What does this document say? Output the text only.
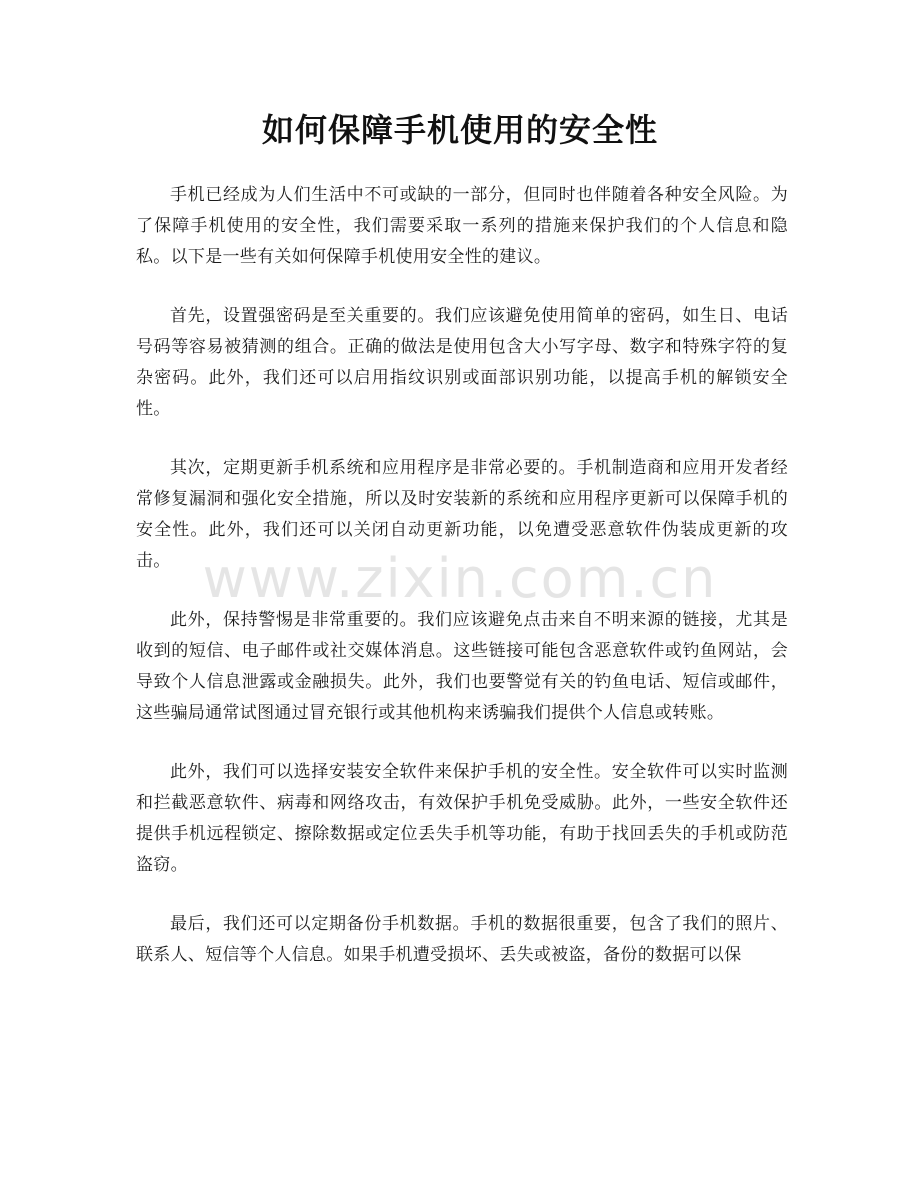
如何保障手机使用的安全性

手机已经成为人们生活中不可或缺的一部分，但同时也伴随着各种安全风险。为了保障手机使用的安全性，我们需要采取一系列的措施来保护我们的个人信息和隐私。以下是一些有关如何保障手机使用安全性的建议。

首先，设置强密码是至关重要的。我们应该避免使用简单的密码，如生日、电话号码等容易被猜测的组合。正确的做法是使用包含大小写字母、数字和特殊字符的复杂密码。此外，我们还可以启用指纹识别或面部识别功能，以提高手机的解锁安全性。

其次，定期更新手机系统和应用程序是非常必要的。手机制造商和应用开发者经常修复漏洞和强化安全措施，所以及时安装新的系统和应用程序更新可以保障手机的安全性。此外，我们还可以关闭自动更新功能，以免遭受恶意软件伪装成更新的攻击。

此外，保持警惕是非常重要的。我们应该避免点击来自不明来源的链接，尤其是收到的短信、电子邮件或社交媒体消息。这些链接可能包含恶意软件或钓鱼网站，会导致个人信息泄露或金融损失。此外，我们也要警觉有关的钓鱼电话、短信或邮件，这些骗局通常试图通过冒充银行或其他机构来诱骗我们提供个人信息或转账。

此外，我们可以选择安装安全软件来保护手机的安全性。安全软件可以实时监测和拦截恶意软件、病毒和网络攻击，有效保护手机免受威胁。此外，一些安全软件还提供手机远程锁定、擦除数据或定位丢失手机等功能，有助于找回丢失的手机或防范盗窃。

最后，我们还可以定期备份手机数据。手机的数据很重要，包含了我们的照片、联系人、短信等个人信息。如果手机遭受损坏、丢失或被盗，备份的数据可以保

www.zixin.com.cn
